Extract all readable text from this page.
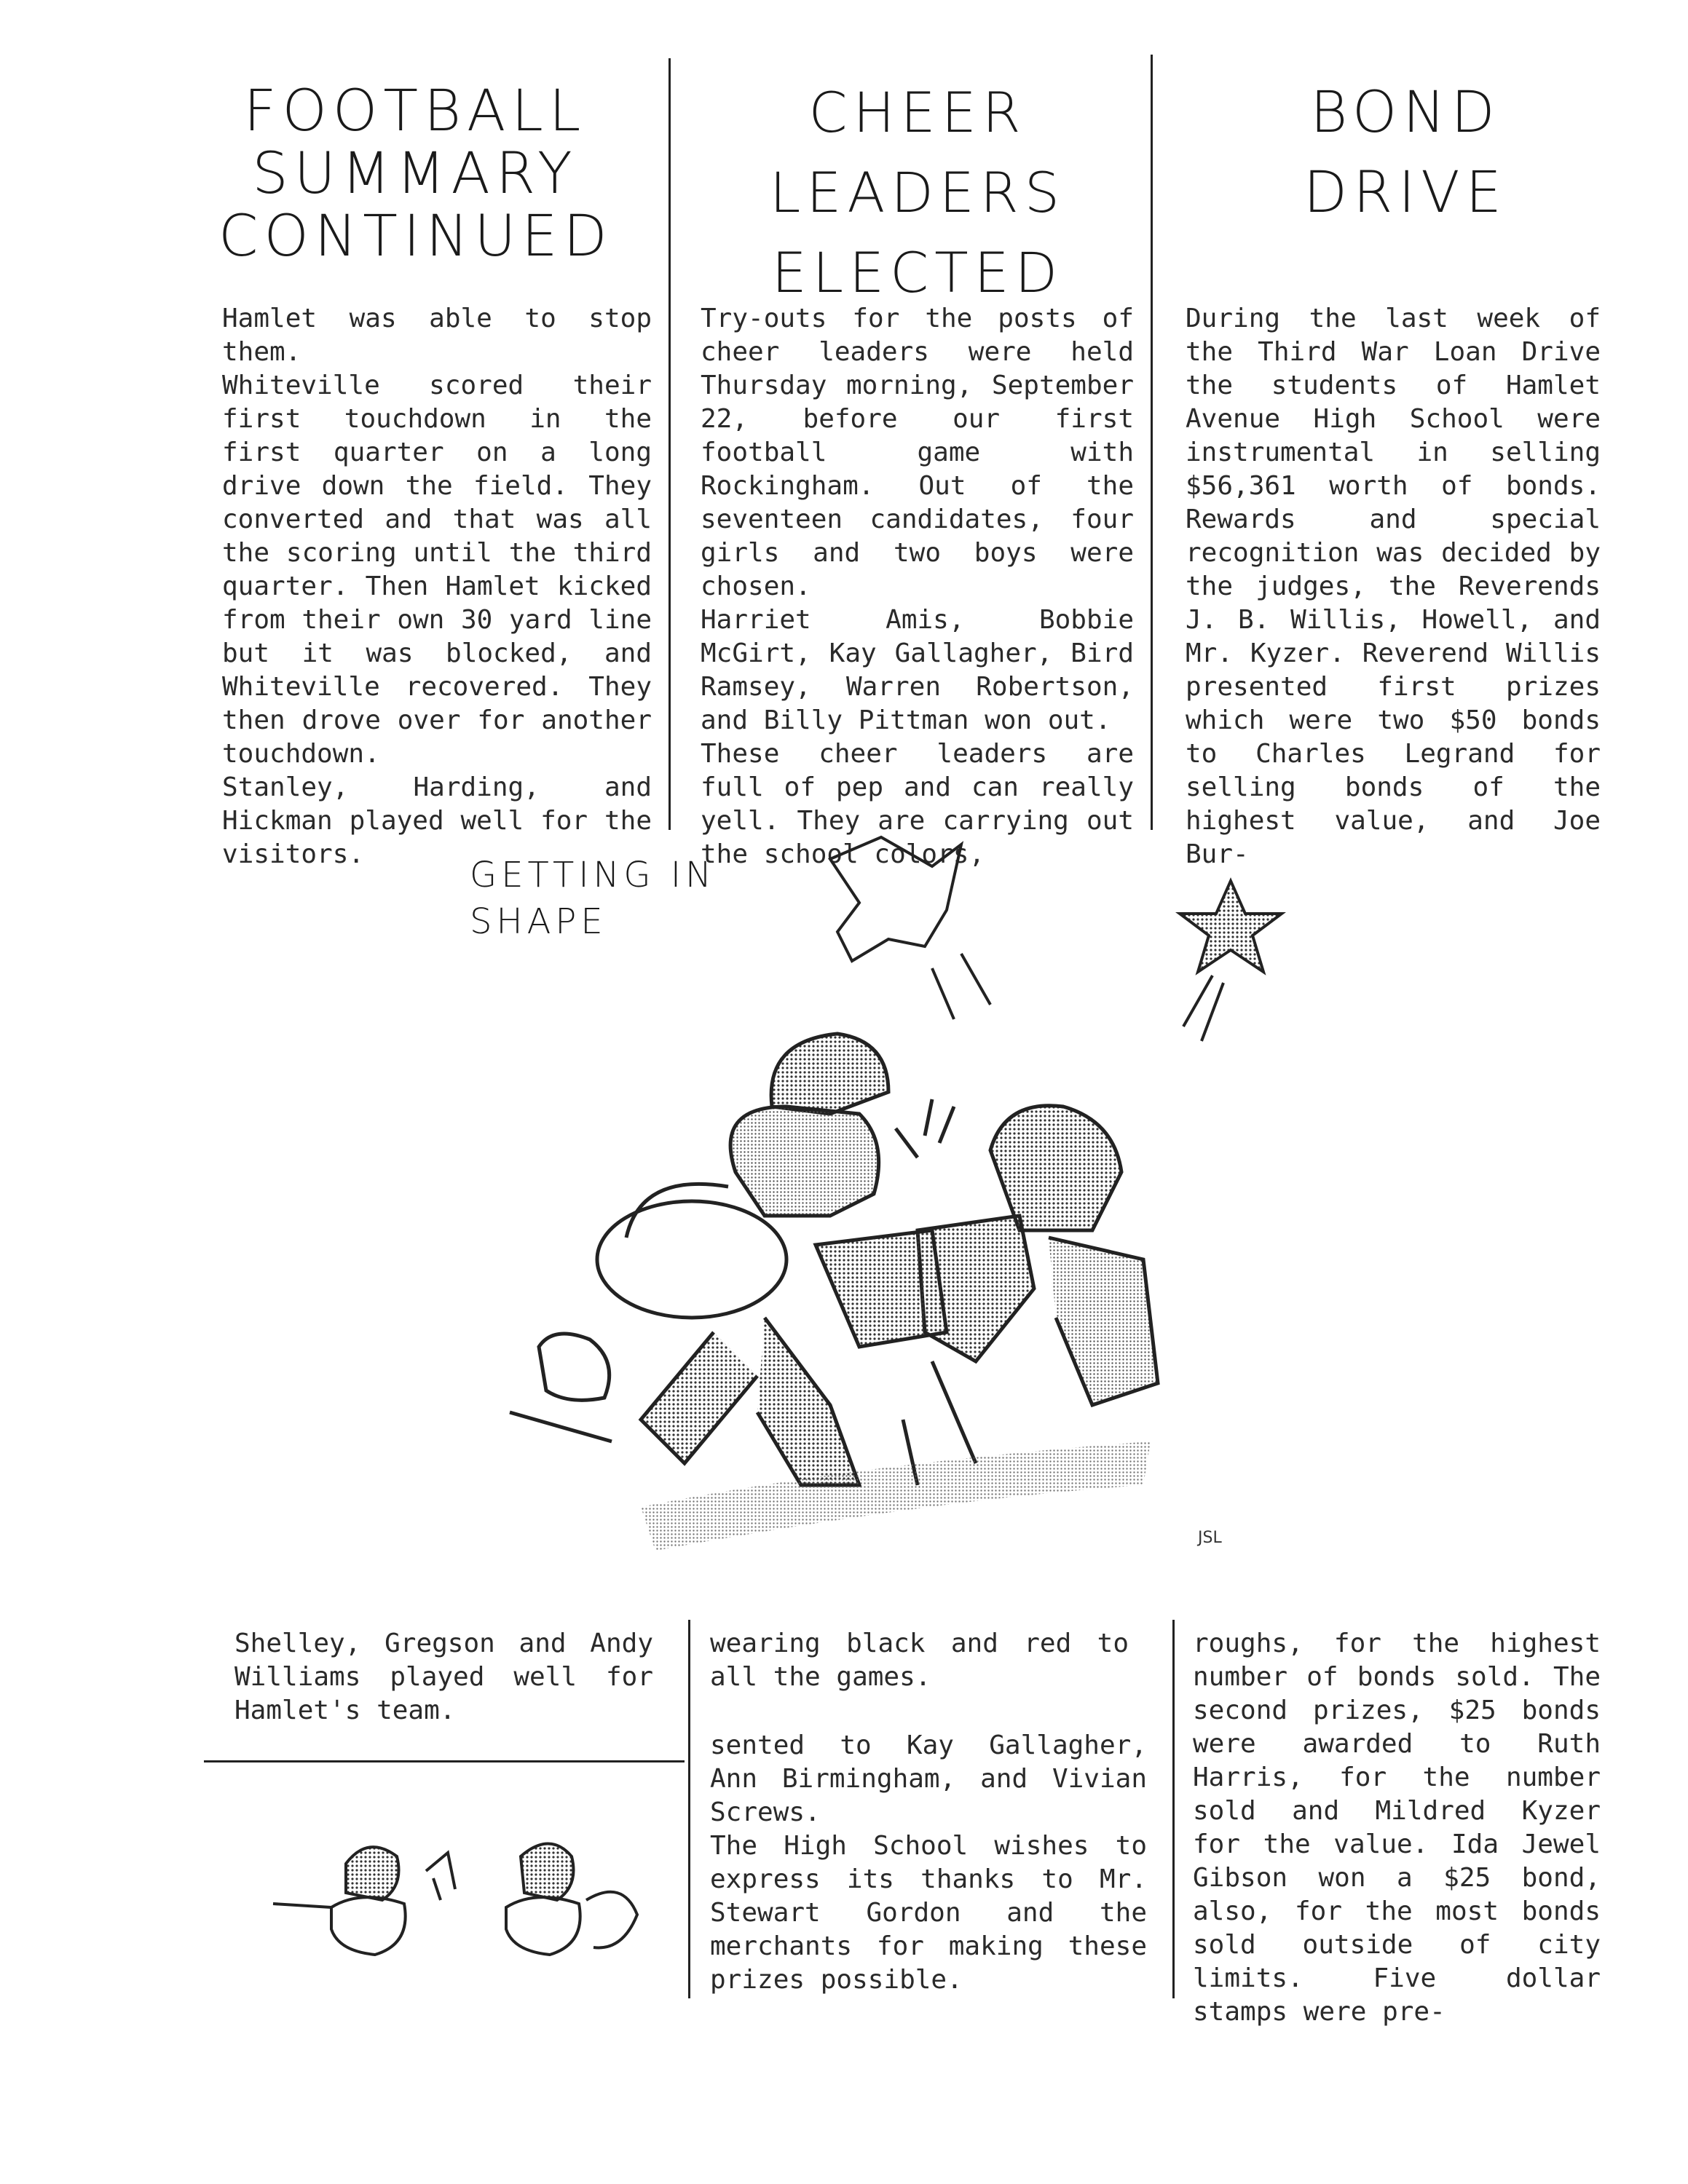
FOOTBALL
SUMMARY
CONTINUED
CHEER LEADERS
ELECTED
BOND
DRIVE

Hamlet was able to stop them.

Whiteville scored their first touchdown in the first quarter on a long drive down the field. They converted and that was all the scoring until the third quarter. Then Hamlet kicked from their own 30 yard line but it was blocked, and Whiteville recovered. They then drove over for another touchdown.

Stanley, Harding, and Hickman played well for the visitors.

Try-outs for the posts of cheer leaders were held Thursday morning, September 22, before our first football game with Rockingham. Out of the seventeen candidates, four girls and two boys were chosen.

Harriet Amis, Bobbie McGirt, Kay Gallagher, Bird Ramsey, Warren Robertson, and Billy Pittman won out.

These cheer leaders are full of pep and can really yell. They are carrying out the school colors,

During the last week of the Third War Loan Drive the students of Hamlet Avenue High School were instrumental in selling $56,361 worth of bonds. Rewards and special recognition was decided by the judges, the Reverends J. B. Willis, Howell, and Mr. Kyzer. Reverend Willis presented first prizes which were two $50 bonds to Charles Legrand for selling bonds of the highest value, and Joe Bur-

GETTING IN
SHAPE
JSL

Shelley, Gregson and Andy Williams played well for Hamlet's team.

wearing black and red to all the games.

sented to Kay Gallagher, Ann Birmingham, and Vivian Screws.

The High School wishes to express its thanks to Mr. Stewart Gordon and the merchants for making these prizes possible.

roughs, for the highest number of bonds sold. The second prizes, $25 bonds were awarded to Ruth Harris, for the number sold and Mildred Kyzer for the value. Ida Jewel Gibson won a $25 bond, also, for the most bonds sold outside of city limits. Five dollar stamps were pre-
